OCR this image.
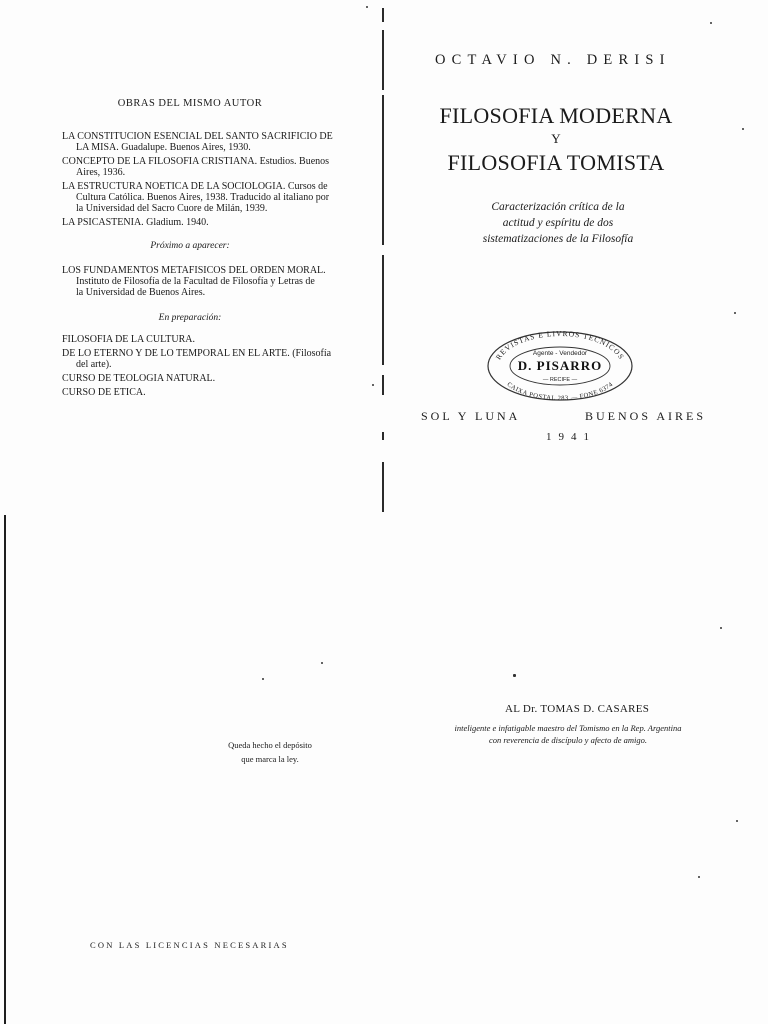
OBRAS DEL MISMO AUTOR
LA CONSTITUCION ESENCIAL DEL SANTO SACRIFICIO DE
LA MISA. Guadalupe. Buenos Aires, 1930.
CONCEPTO DE LA FILOSOFIA CRISTIANA. Estudios. Buenos
Aires, 1936.
LA ESTRUCTURA NOETICA DE LA SOCIOLOGIA. Cursos de
Cultura Católica. Buenos Aires, 1938. Traducido al italiano por
la Universidad del Sacro Cuore de Milán, 1939.
LA PSICASTENIA. Gladium. 1940.
Próximo a aparecer:
LOS FUNDAMENTOS METAFISICOS DEL ORDEN MORAL.
Instituto de Filosofía de la Facultad de Filosofía y Letras de
la Universidad de Buenos Aires.
En preparación:
FILOSOFIA DE LA CULTURA.
DE LO ETERNO Y DE LO TEMPORAL EN EL ARTE. (Filosofía
del arte).
CURSO DE TEOLOGIA NATURAL.
CURSO DE ETICA.
Queda hecho el depósito
que marca la ley.
CON LAS LICENCIAS NECESARIAS
OCTAVIO N. DERISI
FILOSOFIA MODERNA
Y
FILOSOFIA TOMISTA
Caracterización crítica de la
actitud y espíritu de dos
sistematizaciones de la Filosofía
REVISTAS E LIVROS TECNICOS
CAIXA POSTAL 283 — FONE 6374
Agente - Vendedor
D. PISARRO
— RECIFE —
SOL Y LUNA	BUENOS AIRES
1941
AL Dr. TOMAS D. CASARES
inteligente e infatigable maestro del Tomismo en la Rep. Argentina
con reverencia de discípulo y afecto de amigo.
